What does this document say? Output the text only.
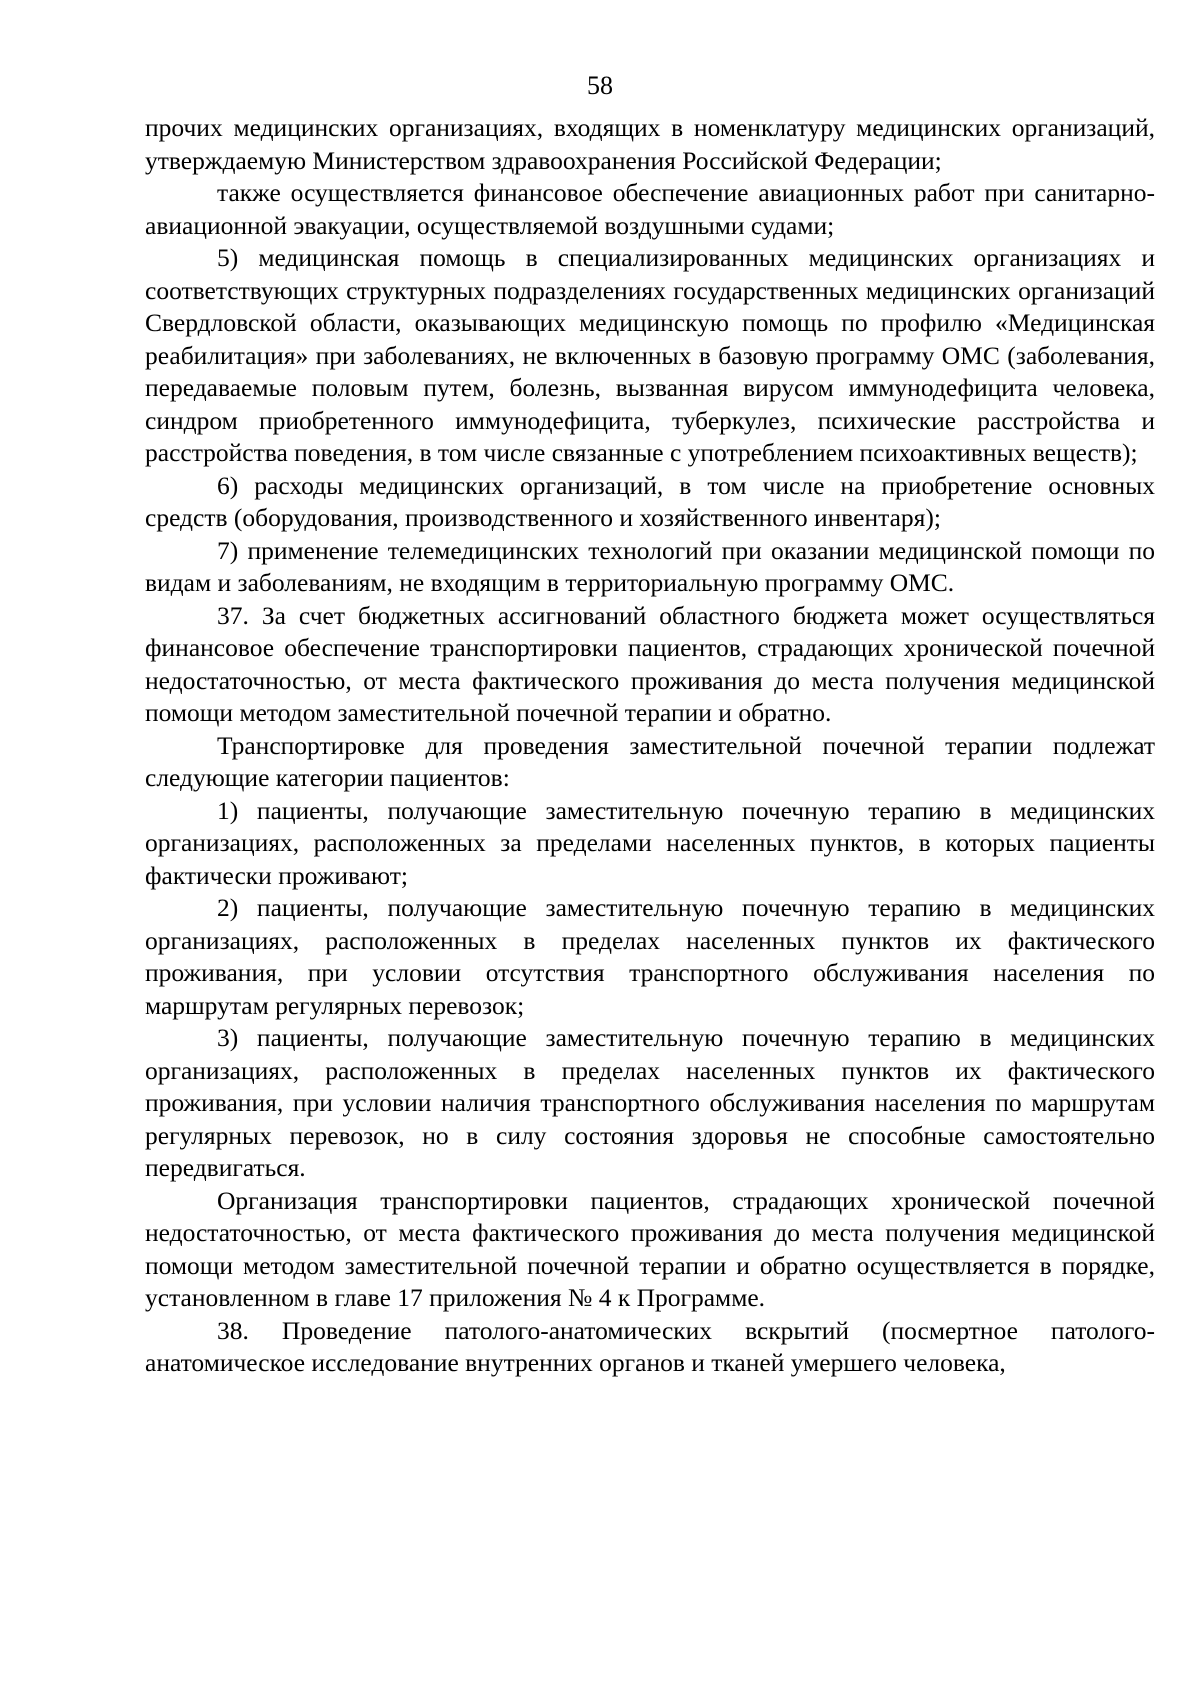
58

прочих медицинских организациях, входящих в номенклатуру медицинских организаций, утверждаемую Министерством здравоохранения Российской Федерации;

также осуществляется финансовое обеспечение авиационных работ при санитарно-авиационной эвакуации, осуществляемой воздушными судами;

5) медицинская помощь в специализированных медицинских организациях и соответствующих структурных подразделениях государственных медицинских организаций Свердловской области, оказывающих медицинскую помощь по профилю «Медицинская реабилитация» при заболеваниях, не включенных в базовую программу ОМС (заболевания, передаваемые половым путем, болезнь, вызванная вирусом иммунодефицита человека, синдром приобретенного иммунодефицита, туберкулез, психические расстройства и расстройства поведения, в том числе связанные с употреблением психоактивных веществ);

6) расходы медицинских организаций, в том числе на приобретение основных средств (оборудования, производственного и хозяйственного инвентаря);

7) применение телемедицинских технологий при оказании медицинской помощи по видам и заболеваниям, не входящим в территориальную программу ОМС.

37. За счет бюджетных ассигнований областного бюджета может осуществляться финансовое обеспечение транспортировки пациентов, страдающих хронической почечной недостаточностью, от места фактического проживания до места получения медицинской помощи методом заместительной почечной терапии и обратно.

Транспортировке для проведения заместительной почечной терапии подлежат следующие категории пациентов:

1) пациенты, получающие заместительную почечную терапию в медицинских организациях, расположенных за пределами населенных пунктов, в которых пациенты фактически проживают;

2) пациенты, получающие заместительную почечную терапию в медицинских организациях, расположенных в пределах населенных пунктов их фактического проживания, при условии отсутствия транспортного обслуживания населения по маршрутам регулярных перевозок;

3) пациенты, получающие заместительную почечную терапию в медицинских организациях, расположенных в пределах населенных пунктов их фактического проживания, при условии наличия транспортного обслуживания населения по маршрутам регулярных перевозок, но в силу состояния здоровья не способные самостоятельно передвигаться.

Организация транспортировки пациентов, страдающих хронической почечной недостаточностью, от места фактического проживания до места получения медицинской помощи методом заместительной почечной терапии и обратно осуществляется в порядке, установленном в главе 17 приложения № 4 к Программе.

38. Проведение патолого-анатомических вскрытий (посмертное патолого-анатомическое исследование внутренних органов и тканей умершего человека,
